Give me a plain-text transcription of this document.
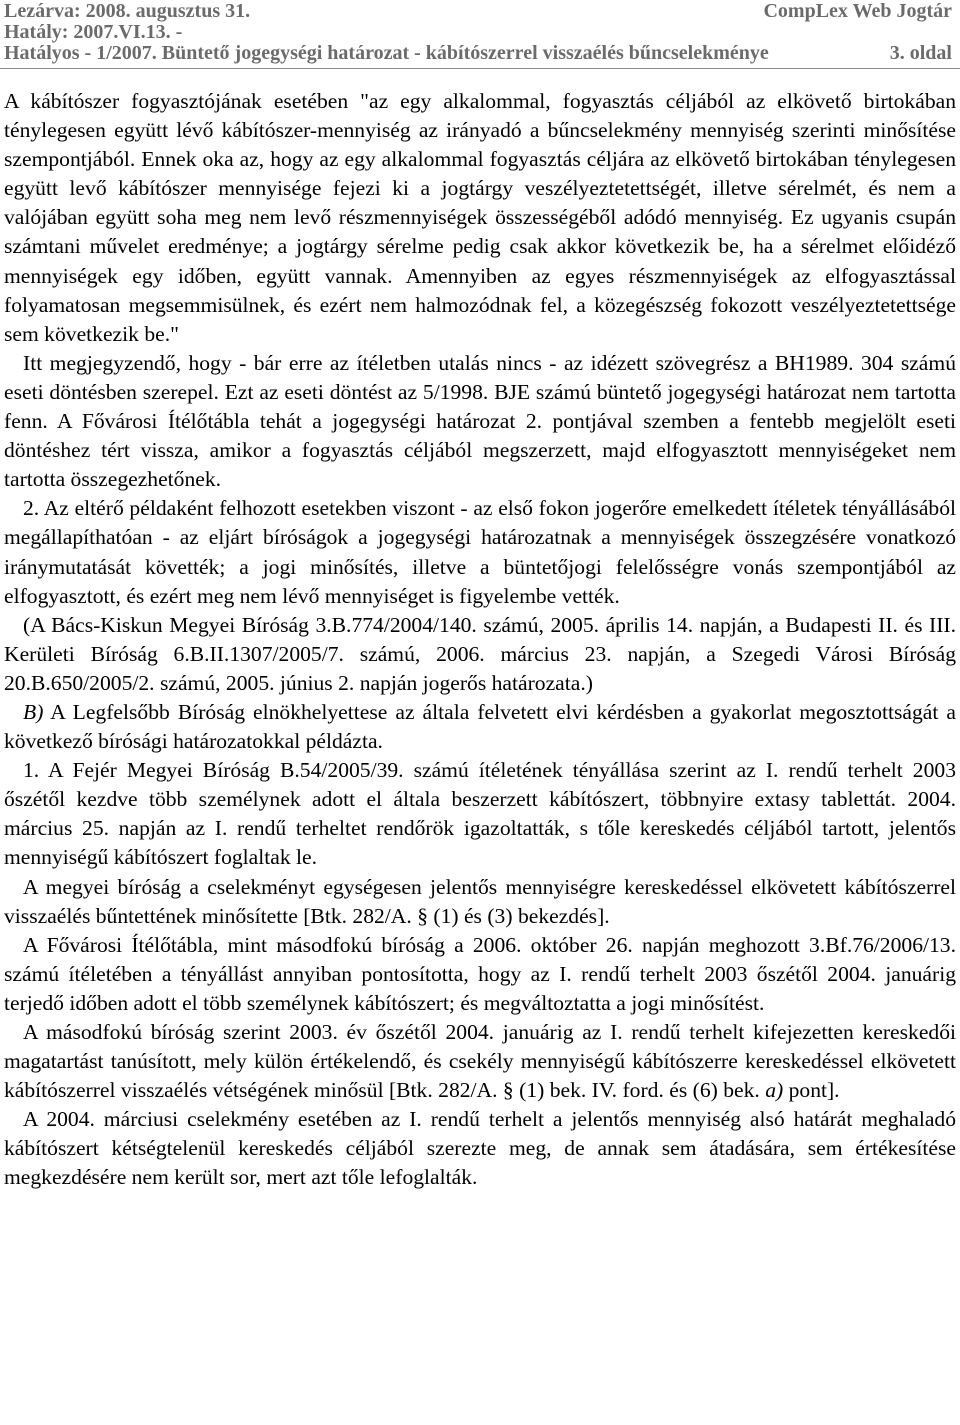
Lezárva: 2008. augusztus 31.	CompLex Web Jogtár
Hatály: 2007.VI.13. -
Hatályos - 1/2007. Büntető jogegységi határozat - kábítószerrel visszaélés bűncselekménye	3. oldal

A kábítószer fogyasztójának esetében "az egy alkalommal, fogyasztás céljából az elkövető birtokában ténylegesen együtt lévő kábítószer-mennyiség az irányadó a bűncselekmény mennyiség szerinti minősítése szempontjából. Ennek oka az, hogy az egy alkalommal fogyasztás céljára az elkövető birtokában ténylegesen együtt levő kábítószer mennyisége fejezi ki a jogtárgy veszélyeztetettségét, illetve sérelmét, és nem a valójában együtt soha meg nem levő részmennyiségek összességéből adódó mennyiség. Ez ugyanis csupán számtani művelet eredménye; a jogtárgy sérelme pedig csak akkor következik be, ha a sérelmet előidéző mennyiségek egy időben, együtt vannak. Amennyiben az egyes részmennyiségek az elfogyasztással folyamatosan megsemmisülnek, és ezért nem halmozódnak fel, a közegészség fokozott veszélyeztetettsége sem következik be."

Itt megjegyzendő, hogy - bár erre az ítéletben utalás nincs - az idézett szövegrész a BH1989. 304 számú eseti döntésben szerepel. Ezt az eseti döntést az 5/1998. BJE számú büntető jogegységi határozat nem tartotta fenn. A Fővárosi Ítélőtábla tehát a jogegységi határozat 2. pontjával szemben a fentebb megjelölt eseti döntéshez tért vissza, amikor a fogyasztás céljából megszerzett, majd elfogyasztott mennyiségeket nem tartotta összegezhetőnek.

2. Az eltérő példaként felhozott esetekben viszont - az első fokon jogerőre emelkedett ítéletek tényállásából megállapíthatóan - az eljárt bíróságok a jogegységi határozatnak a mennyiségek összegzésére vonatkozó iránymutatását követték; a jogi minősítés, illetve a büntetőjogi felelősségre vonás szempontjából az elfogyasztott, és ezért meg nem lévő mennyiséget is figyelembe vették.

(A Bács-Kiskun Megyei Bíróság 3.B.774/2004/140. számú, 2005. április 14. napján, a Budapesti II. és III. Kerületi Bíróság 6.B.II.1307/2005/7. számú, 2006. március 23. napján, a Szegedi Városi Bíróság 20.B.650/2005/2. számú, 2005. június 2. napján jogerős határozata.)

B) A Legfelsőbb Bíróság elnökhelyettese az általa felvetett elvi kérdésben a gyakorlat megosztottságát a következő bírósági határozatokkal példázta.

1. A Fejér Megyei Bíróság B.54/2005/39. számú ítéletének tényállása szerint az I. rendű terhelt 2003 őszétől kezdve több személynek adott el általa beszerzett kábítószert, többnyire extasy tablettát. 2004. március 25. napján az I. rendű terheltet rendőrök igazoltatták, s tőle kereskedés céljából tartott, jelentős mennyiségű kábítószert foglaltak le.

A megyei bíróság a cselekményt egységesen jelentős mennyiségre kereskedéssel elkövetett kábítószerrel visszaélés bűntettének minősítette [Btk. 282/A. § (1) és (3) bekezdés].

A Fővárosi Ítélőtábla, mint másodfokú bíróság a 2006. október 26. napján meghozott 3.Bf.76/2006/13. számú ítéletében a tényállást annyiban pontosította, hogy az I. rendű terhelt 2003 őszétől 2004. januárig terjedő időben adott el több személynek kábítószert; és megváltoztatta a jogi minősítést.

A másodfokú bíróság szerint 2003. év őszétől 2004. januárig az I. rendű terhelt kifejezetten kereskedői magatartást tanúsított, mely külön értékelendő, és csekély mennyiségű kábítószerre kereskedéssel elkövetett kábítószerrel visszaélés vétségének minősül [Btk. 282/A. § (1) bek. IV. ford. és (6) bek. a) pont].

A 2004. márciusi cselekmény esetében az I. rendű terhelt a jelentős mennyiség alsó határát meghaladó kábítószert kétségtelenül kereskedés céljából szerezte meg, de annak sem átadására, sem értékesítése megkezdésére nem került sor, mert azt tőle lefoglalták.
